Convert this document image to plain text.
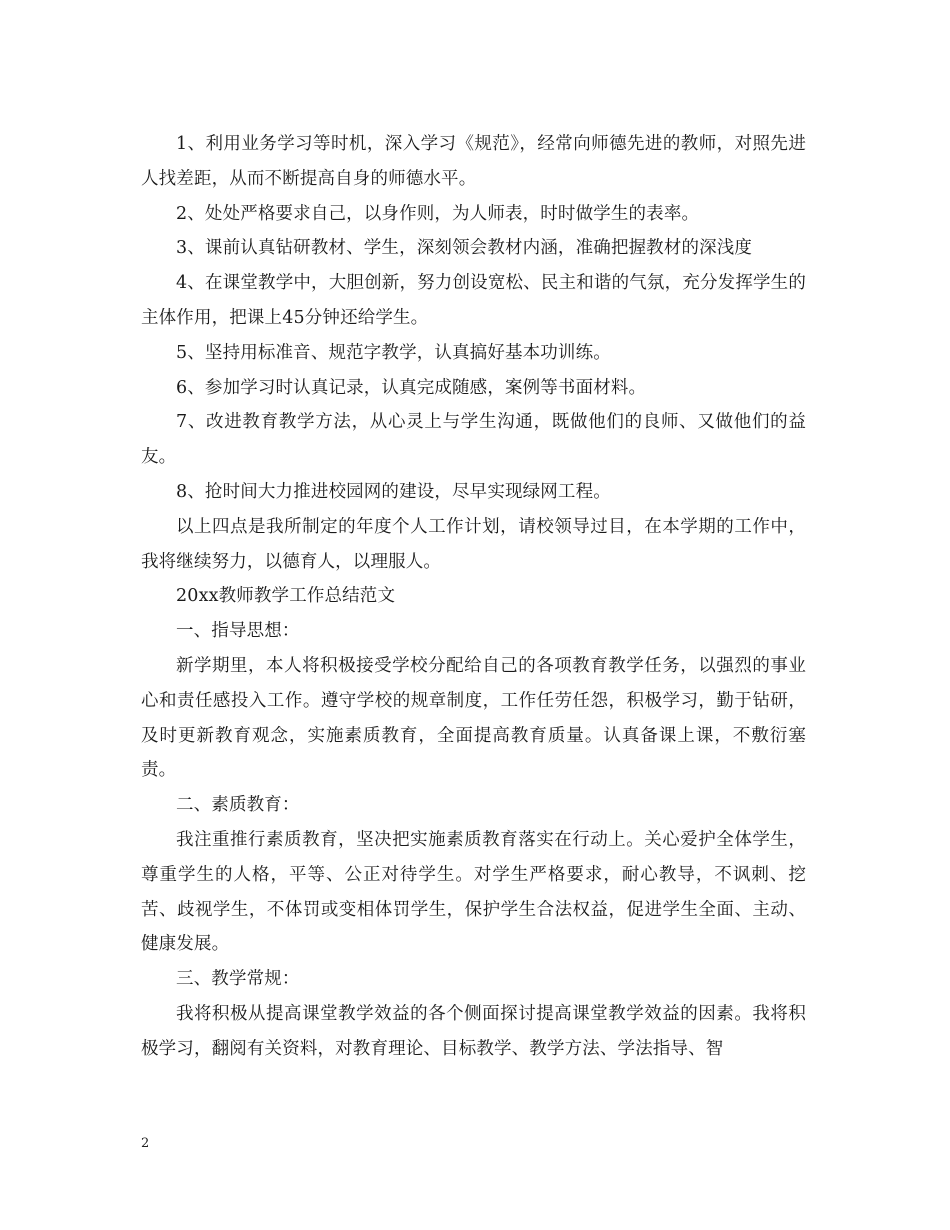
1、利用业务学习等时机，深入学习《规范》，经常向师德先进的教师，对照先进人找差距，从而不断提高自身的师德水平。

2、处处严格要求自己，以身作则，为人师表，时时做学生的表率。

3、课前认真钻研教材、学生，深刻领会教材内涵，准确把握教材的深浅度

4、在课堂教学中，大胆创新，努力创设宽松、民主和谐的气氛，充分发挥学生的主体作用，把课上45分钟还给学生。

5、坚持用标准音、规范字教学，认真搞好基本功训练。

6、参加学习时认真记录，认真完成随感，案例等书面材料。

7、改进教育教学方法，从心灵上与学生沟通，既做他们的良师、又做他们的益友。

8、抢时间大力推进校园网的建设，尽早实现绿网工程。

以上四点是我所制定的年度个人工作计划，请校领导过目，在本学期的工作中，我将继续努力，以德育人，以理服人。

20xx教师教学工作总结范文

一、指导思想：

新学期里，本人将积极接受学校分配给自己的各项教育教学任务，以强烈的事业心和责任感投入工作。遵守学校的规章制度，工作任劳任怨，积极学习，勤于钻研，及时更新教育观念，实施素质教育，全面提高教育质量。认真备课上课，不敷衍塞责。

二、素质教育：

我注重推行素质教育，坚决把实施素质教育落实在行动上。关心爱护全体学生，尊重学生的人格，平等、公正对待学生。对学生严格要求，耐心教导，不讽刺、挖苦、歧视学生，不体罚或变相体罚学生，保护学生合法权益，促进学生全面、主动、健康发展。

三、教学常规：

我将积极从提高课堂教学效益的各个侧面探讨提高课堂教学效益的因素。我将积极学习，翻阅有关资料，对教育理论、目标教学、教学方法、学法指导、智

2
